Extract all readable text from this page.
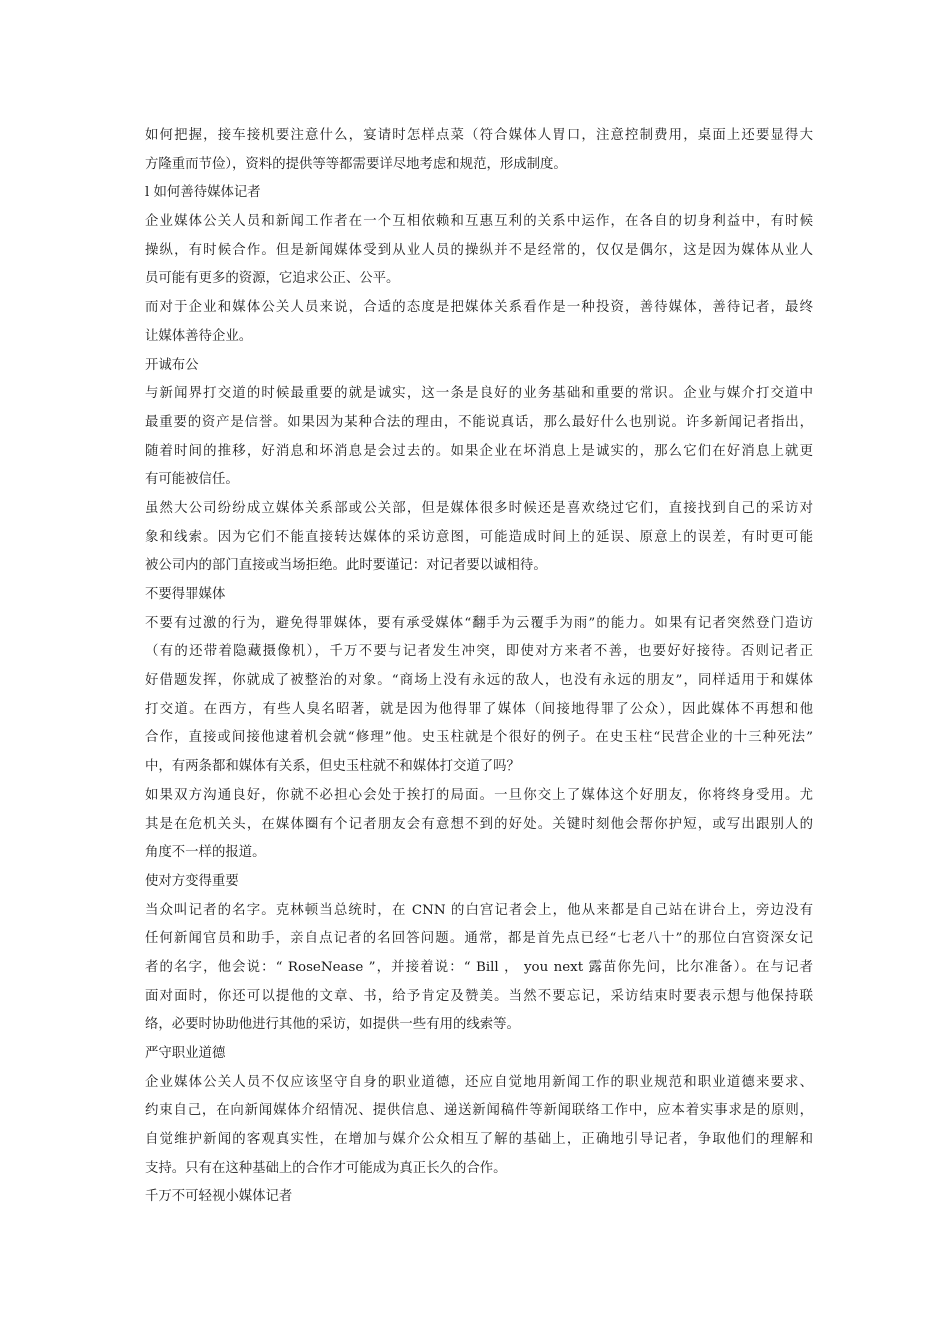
如何把握，接车接机要注意什么，宴请时怎样点菜（符合媒体人胃口，注意控制费用，桌面上还要显得大
方隆重而节俭），资料的提供等等都需要详尽地考虑和规范，形成制度。
l 如何善待媒体记者
企业媒体公关人员和新闻工作者在一个互相依赖和互惠互利的关系中运作，在各自的切身利益中，有时候
操纵，有时候合作。但是新闻媒体受到从业人员的操纵并不是经常的，仅仅是偶尔，这是因为媒体从业人
员可能有更多的资源，它追求公正、公平。
而对于企业和媒体公关人员来说，合适的态度是把媒体关系看作是一种投资，善待媒体，善待记者，最终
让媒体善待企业。
开诚布公
与新闻界打交道的时候最重要的就是诚实，这一条是良好的业务基础和重要的常识。企业与媒介打交道中
最重要的资产是信誉。如果因为某种合法的理由，不能说真话，那么最好什么也别说。许多新闻记者指出，
随着时间的推移，好消息和坏消息是会过去的。如果企业在坏消息上是诚实的，那么它们在好消息上就更
有可能被信任。
虽然大公司纷纷成立媒体关系部或公关部，但是媒体很多时候还是喜欢绕过它们，直接找到自己的采访对
象和线索。因为它们不能直接转达媒体的采访意图，可能造成时间上的延误、原意上的误差，有时更可能
被公司内的部门直接或当场拒绝。此时要谨记：对记者要以诚相待。
不要得罪媒体
不要有过激的行为，避免得罪媒体，要有承受媒体“翻手为云覆手为雨”的能力。如果有记者突然登门造访
（有的还带着隐藏摄像机），千万不要与记者发生冲突，即使对方来者不善，也要好好接待。否则记者正
好借题发挥，你就成了被整治的对象。“商场上没有永远的敌人，也没有永远的朋友”，同样适用于和媒体
打交道。在西方，有些人臭名昭著，就是因为他得罪了媒体（间接地得罪了公众），因此媒体不再想和他
合作，直接或间接他逮着机会就“修理”他。史玉柱就是个很好的例子。在史玉柱“民营企业的十三种死法”
中，有两条都和媒体有关系，但史玉柱就不和媒体打交道了吗？
如果双方沟通良好，你就不必担心会处于挨打的局面。一旦你交上了媒体这个好朋友，你将终身受用。尤
其是在危机关头，在媒体圈有个记者朋友会有意想不到的好处。关键时刻他会帮你护短，或写出跟别人的
角度不一样的报道。
使对方变得重要
当众叫记者的名字。克林顿当总统时，在 CNN 的白宫记者会上，他从来都是自己站在讲台上，旁边没有
任何新闻官员和助手，亲自点记者的名回答问题。通常，都是首先点已经“七老八十”的那位白宫资深女记
者的名字，他会说：“ RoseNease ”，并接着说：“ Bill ， you next 露苗你先问，比尔准备）。在与记者
面对面时，你还可以提他的文章、书，给予肯定及赞美。当然不要忘记，采访结束时要表示想与他保持联
络，必要时协助他进行其他的采访，如提供一些有用的线索等。
严守职业道德
企业媒体公关人员不仅应该坚守自身的职业道德，还应自觉地用新闻工作的职业规范和职业道德来要求、
约束自己，在向新闻媒体介绍情况、提供信息、递送新闻稿件等新闻联络工作中，应本着实事求是的原则，
自觉维护新闻的客观真实性，在增加与媒介公众相互了解的基础上，正确地引导记者，争取他们的理解和
支持。只有在这种基础上的合作才可能成为真正长久的合作。
千万不可轻视小媒体记者
